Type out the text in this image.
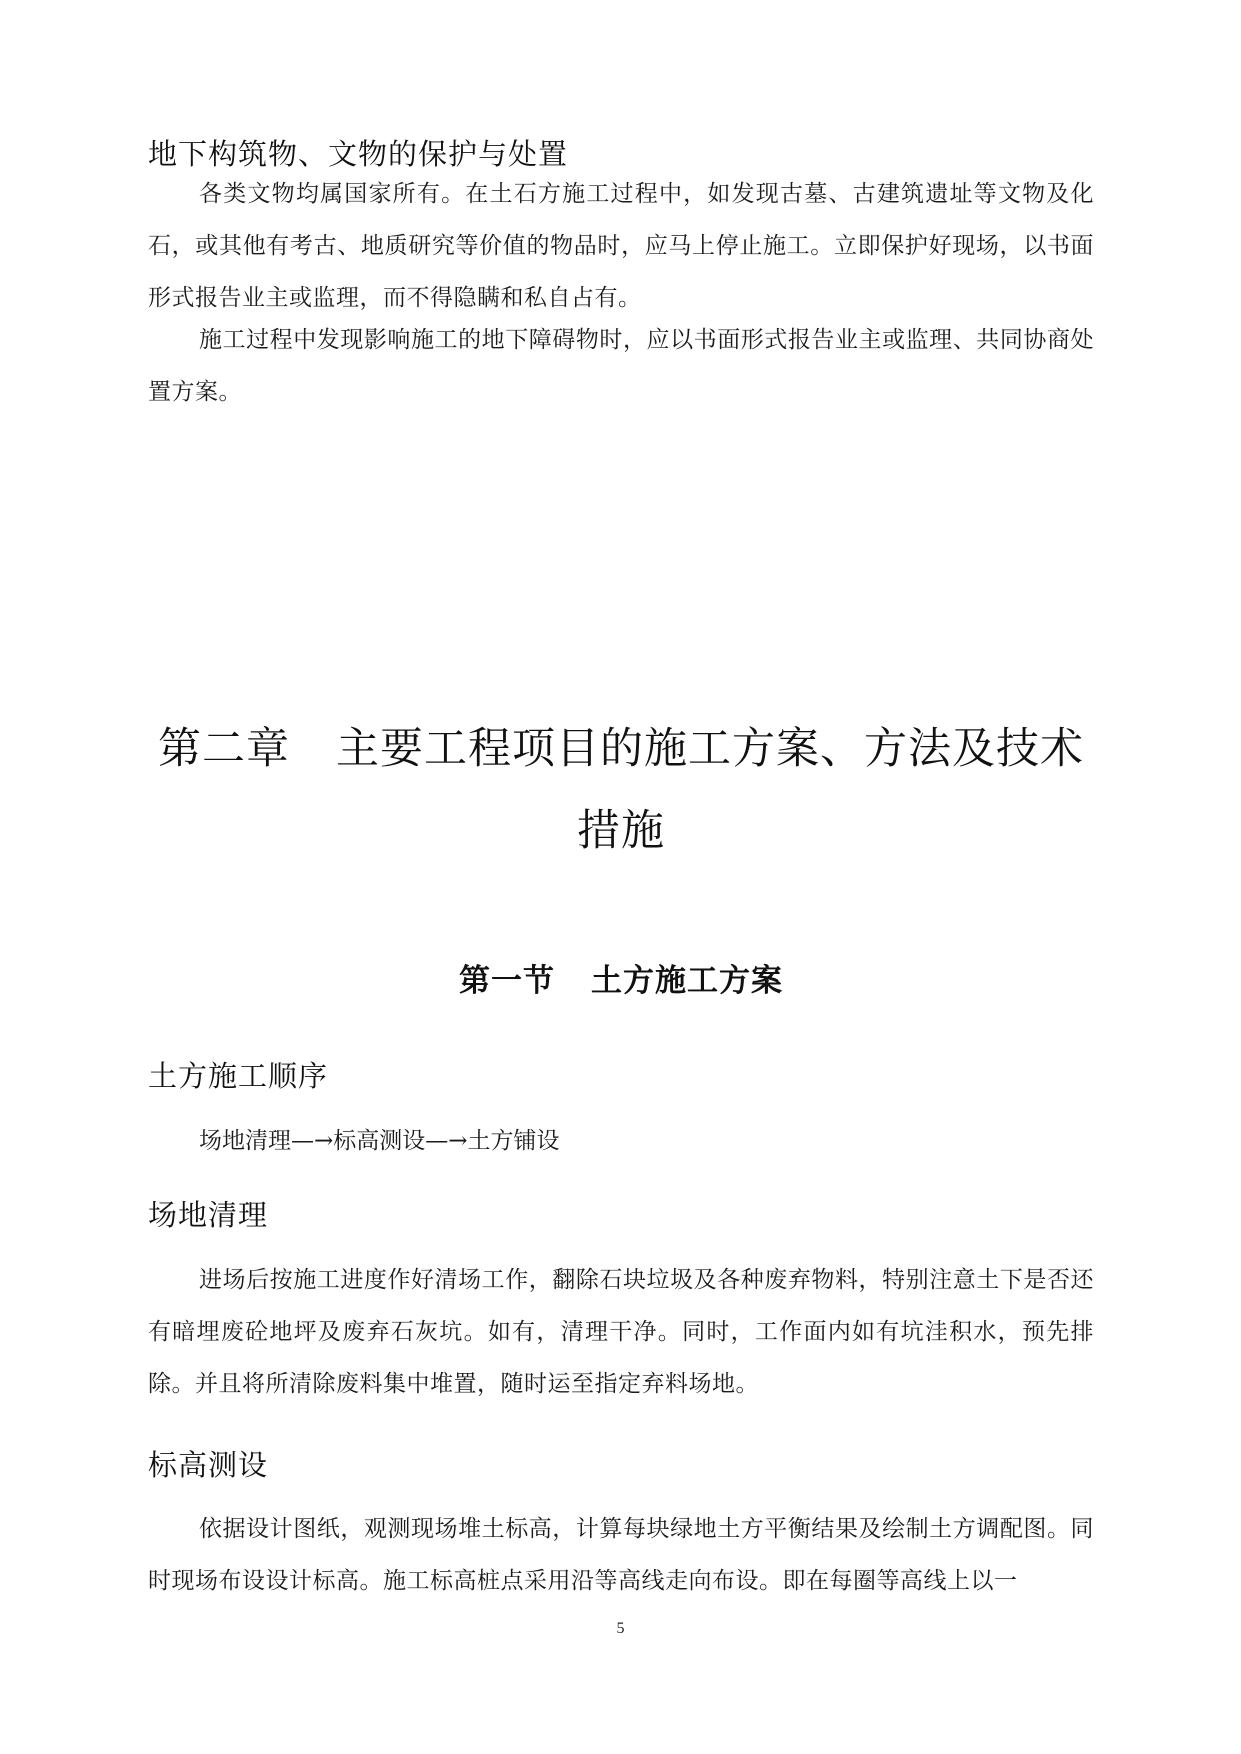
地下构筑物、文物的保护与处置

各类文物均属国家所有。在土石方施工过程中，如发现古墓、古建筑遗址等文物及化石，或其他有考古、地质研究等价值的物品时，应马上停止施工。立即保护好现场，以书面形式报告业主或监理，而不得隐瞒和私自占有。

施工过程中发现影响施工的地下障碍物时，应以书面形式报告业主或监理、共同协商处置方案。

第二章 主要工程项目的施工方案、方法及技术措施
第一节 土方施工方案
土方施工顺序
场地清理—→标高测设—→土方铺设
场地清理

进场后按施工进度作好清场工作，翻除石块垃圾及各种废弃物料，特别注意土下是否还有暗埋废砼地坪及废弃石灰坑。如有，清理干净。同时，工作面内如有坑洼积水，预先排除。并且将所清除废料集中堆置，随时运至指定弃料场地。

标高测设

依据设计图纸，观测现场堆土标高，计算每块绿地土方平衡结果及绘制土方调配图。同时现场布设设计标高。施工标高桩点采用沿等高线走向布设。即在每圈等高线上以一

5
